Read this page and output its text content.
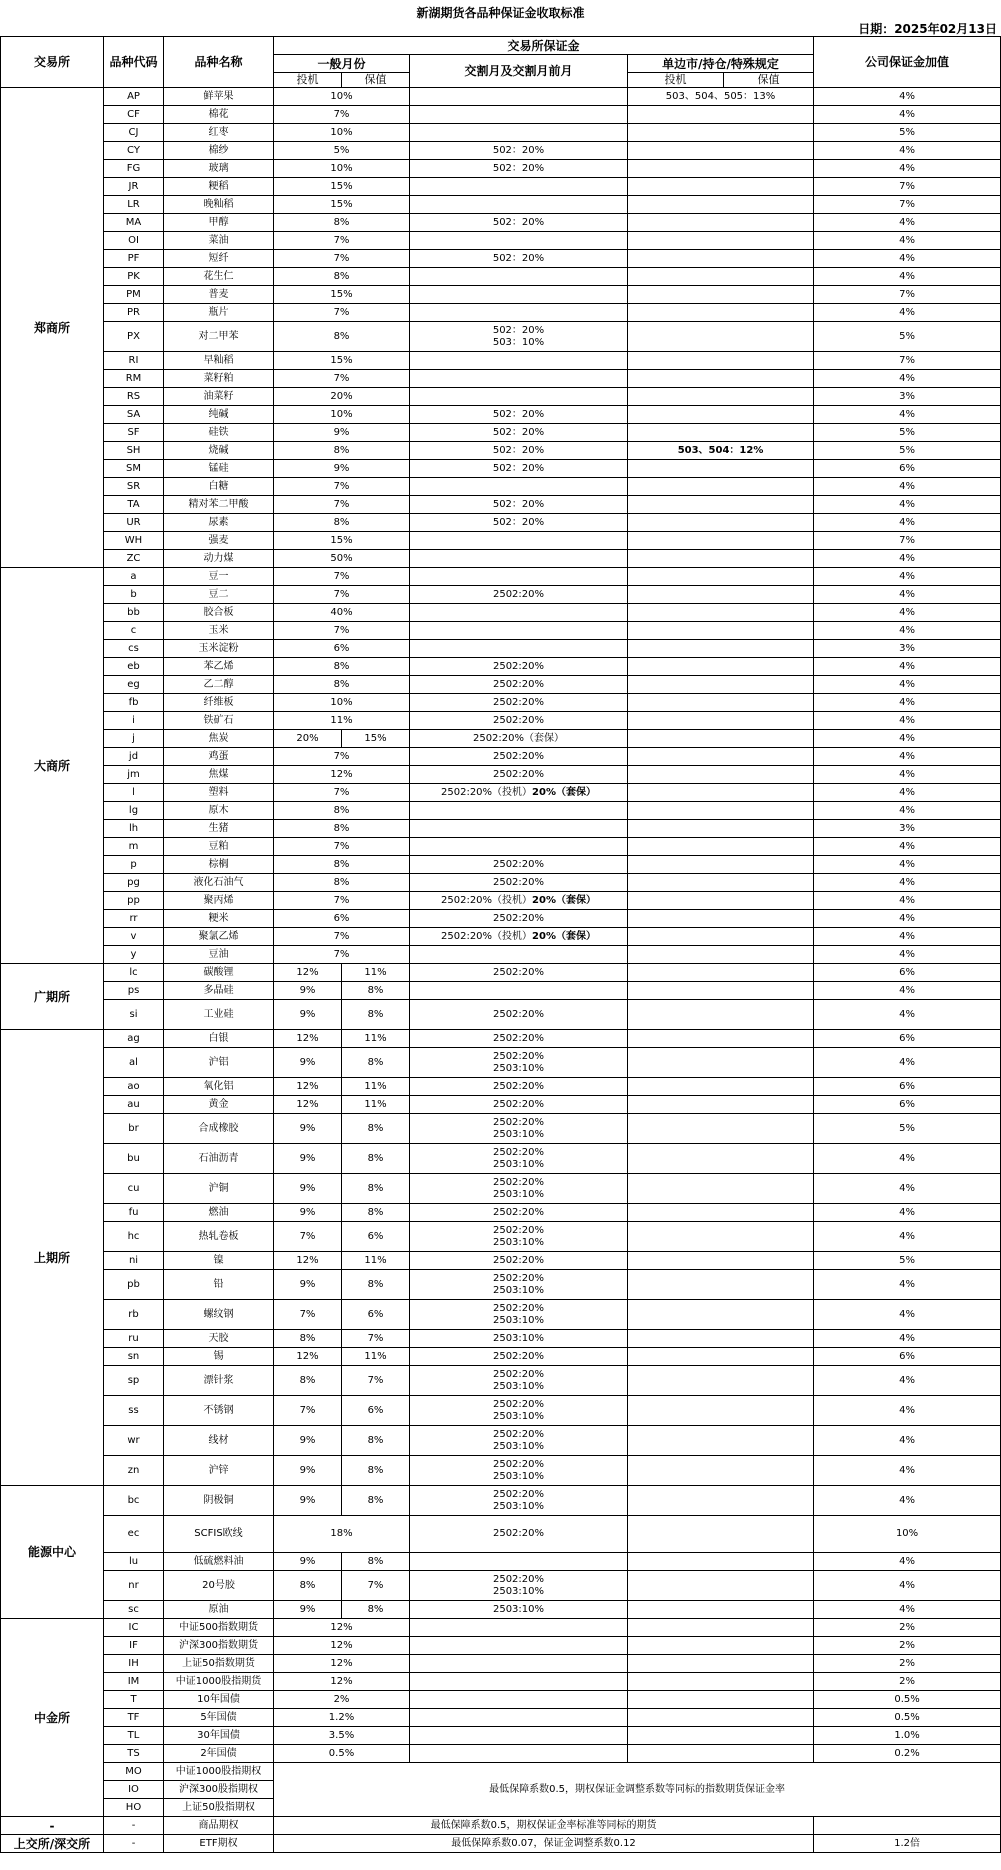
新湖期货各品种保证金收取标准
日期：2025年02月13日
交易所	品种代码	品种名称	交易所保证金					公司保证金加值
			一般月份		交割月及交割月前月	单边市/持仓/特殊规定		
			投机	保值		投机	保值	
郑商所	AP	鲜苹果	10%			503、504、505：13%		4%
	CF	棉花	7%					4%
	CJ	红枣	10%					5%
	CY	棉纱	5%		502：20%			4%
	FG	玻璃	10%		502：20%			4%
	JR	粳稻	15%					7%
	LR	晚籼稻	15%					7%
	MA	甲醇	8%		502：20%			4%
	OI	菜油	7%					4%
	PF	短纤	7%		502：20%			4%
	PK	花生仁	8%					4%
	PM	普麦	15%					7%
	PR	瓶片	7%					4%
	PX	对二甲苯	8%		502：20%
503：10%			5%
	RI	早籼稻	15%					7%
	RM	菜籽粕	7%					4%
	RS	油菜籽	20%					3%
	SA	纯碱	10%		502：20%			4%
	SF	硅铁	9%		502：20%			5%
	SH	烧碱	8%		502：20%	503、504：12%		5%
	SM	锰硅	9%		502：20%			6%
	SR	白糖	7%					4%
	TA	精对苯二甲酸	7%		502：20%			4%
	UR	尿素	8%		502：20%			4%
	WH	强麦	15%					7%
	ZC	动力煤	50%					4%
大商所	a	豆一	7%					4%
	b	豆二	7%		2502:20%			4%
	bb	胶合板	40%					4%
	c	玉米	7%					4%
	cs	玉米淀粉	6%					3%
	eb	苯乙烯	8%		2502:20%			4%
	eg	乙二醇	8%		2502:20%			4%
	fb	纤维板	10%		2502:20%			4%
	i	铁矿石	11%		2502:20%			4%
	j	焦炭	20%	15%	2502:20%（套保）			4%
	jd	鸡蛋	7%		2502:20%			4%
	jm	焦煤	12%		2502:20%			4%
	l	塑料	7%		2502:20%（投机）20%（套保）			4%
	lg	原木	8%					4%
	lh	生猪	8%					3%
	m	豆粕	7%					4%
	p	棕榈	8%		2502:20%			4%
	pg	液化石油气	8%		2502:20%			4%
	pp	聚丙烯	7%		2502:20%（投机）20%（套保）			4%
	rr	粳米	6%		2502:20%			4%
	v	聚氯乙烯	7%		2502:20%（投机）20%（套保）			4%
	y	豆油	7%					4%
广期所	lc	碳酸锂	12%	11%	2502:20%			6%
	ps	多晶硅	9%	8%				4%
	si	工业硅	9%	8%	2502:20%			4%
上期所	ag	白银	12%	11%	2502:20%			6%
	al	沪铝	9%	8%	2502:20%
2503:10%			4%
	ao	氧化铝	12%	11%	2502:20%			6%
	au	黄金	12%	11%	2502:20%			6%
	br	合成橡胶	9%	8%	2502:20%
2503:10%			5%
	bu	石油沥青	9%	8%	2502:20%
2503:10%			4%
	cu	沪铜	9%	8%	2502:20%
2503:10%			4%
	fu	燃油	9%	8%	2502:20%			4%
	hc	热轧卷板	7%	6%	2502:20%
2503:10%			4%
	ni	镍	12%	11%	2502:20%			5%
	pb	铅	9%	8%	2502:20%
2503:10%			4%
	rb	螺纹钢	7%	6%	2502:20%
2503:10%			4%
	ru	天胶	8%	7%	2503:10%			4%
	sn	锡	12%	11%	2502:20%			6%
	sp	漂针浆	8%	7%	2502:20%
2503:10%			4%
	ss	不锈钢	7%	6%	2502:20%
2503:10%			4%
	wr	线材	9%	8%	2502:20%
2503:10%			4%
	zn	沪锌	9%	8%	2502:20%
2503:10%			4%
能源中心	bc	阴极铜	9%	8%	2502:20%
2503:10%			4%
	ec	SCFIS欧线	18%		2502:20%			10%
	lu	低硫燃料油	9%	8%				4%
	nr	20号胶	8%	7%	2502:20%
2503:10%			4%
	sc	原油	9%	8%	2503:10%			4%
中金所	IC	中证500指数期货	12%					2%
	IF	沪深300指数期货	12%					2%
	IH	上证50指数期货	12%					2%
	IM	中证1000股指期货	12%					2%
	T	10年国债	2%					0.5%
	TF	5年国债	1.2%					0.5%
	TL	30年国债	3.5%					1.0%
	TS	2年国债	0.5%					0.2%
	MO	中证1000股指期权	最低保障系数0.5，期权保证金调整系数等同标的指数期货保证金率					
	IO	沪深300股指期权						
	HO	上证50股指期权						
-	-	商品期权	最低保障系数0.5，期权保证金率标准等同标的期货					
上交所/深交所	-	ETF期权	最低保障系数0.07，保证金调整系数0.12					1.2倍
